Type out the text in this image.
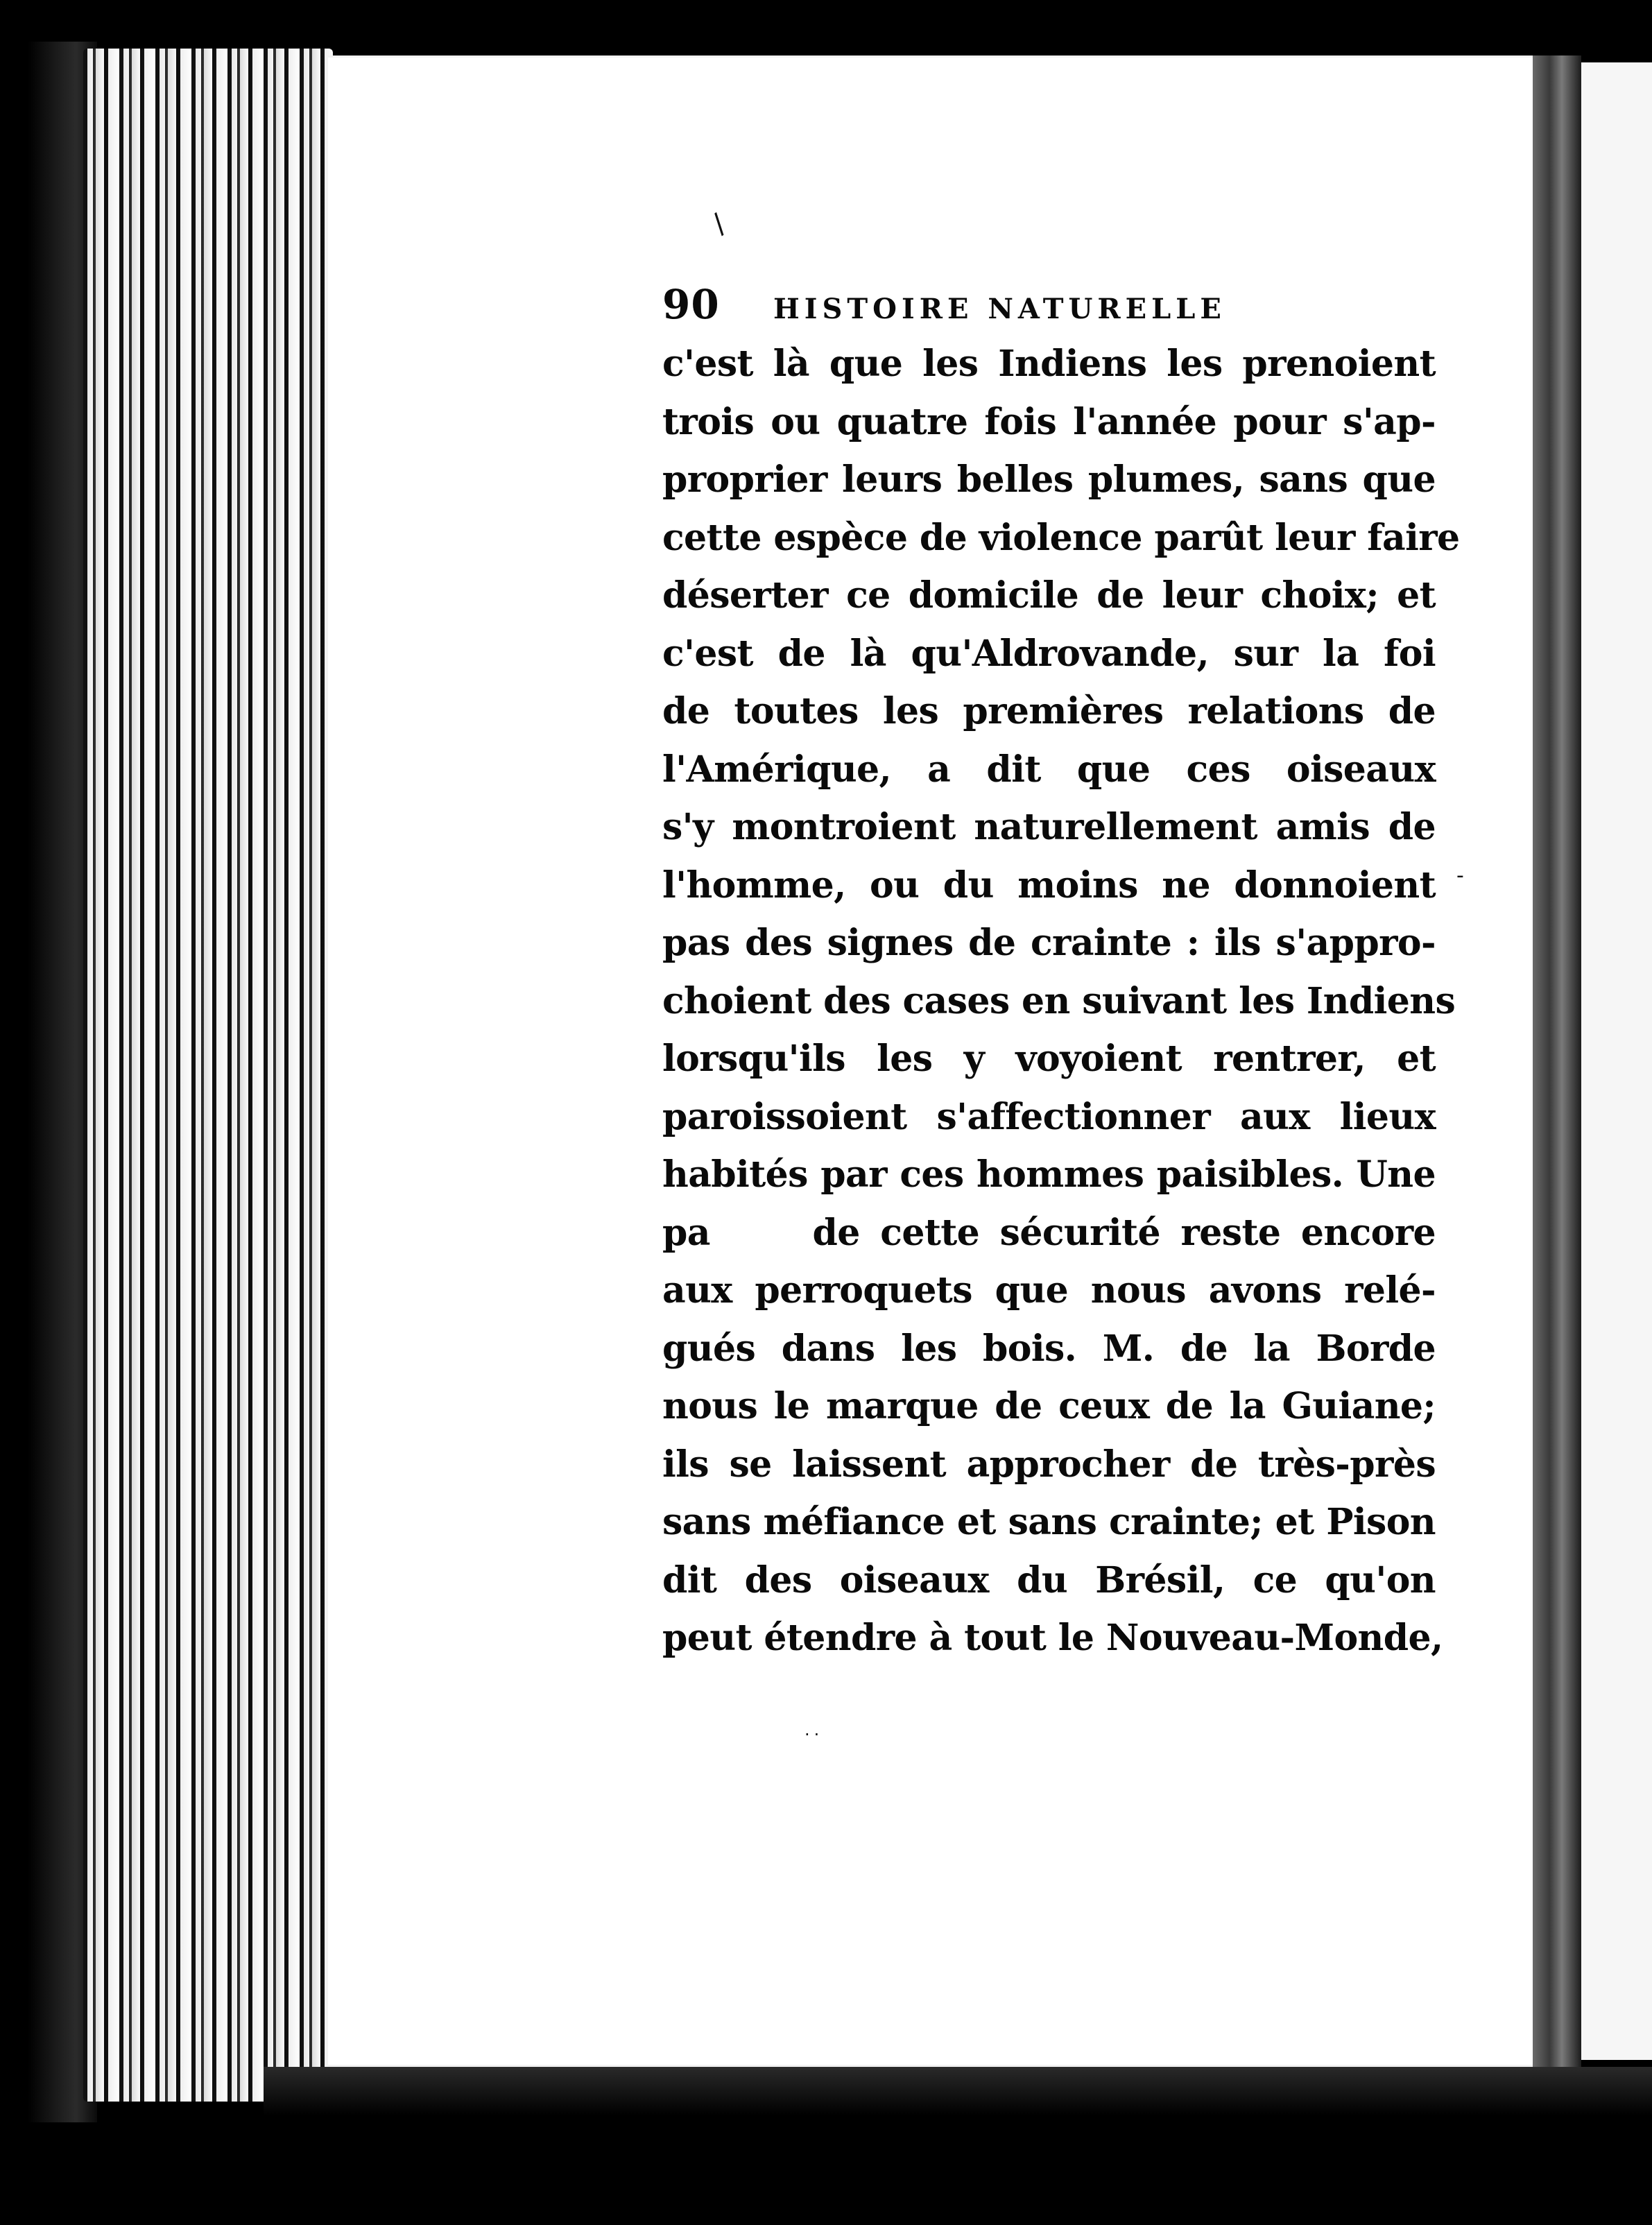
/
-
..
90	HISTOIRE NATURELLE
c'est là que les Indiens les prenoient
trois ou quatre fois l'année pour s'ap-
proprier leurs belles plumes, sans que
cette espèce de violence parût leur faire
déserter ce domicile de leur choix; et
c'est de là qu'Aldrovande, sur la foi
de toutes les premières relations de
l'Amérique, a dit que ces oiseaux
s'y montroient naturellement amis de
l'homme, ou du moins ne donnoient
pas des signes de crainte : ils s'appro-
choient des cases en suivant les Indiens
lorsqu'ils les y voyoient rentrer, et
paroissoient s'affectionner aux lieux
habités par ces hommes paisibles. Une
pa     de cette sécurité reste encore
aux perroquets que nous avons relé-
gués dans les bois. M. de la Borde
nous le marque de ceux de la Guiane;
ils se laissent approcher de très-près
sans méfiance et sans crainte; et Pison
dit des oiseaux du Brésil, ce qu'on
peut étendre à tout le Nouveau-Monde,
